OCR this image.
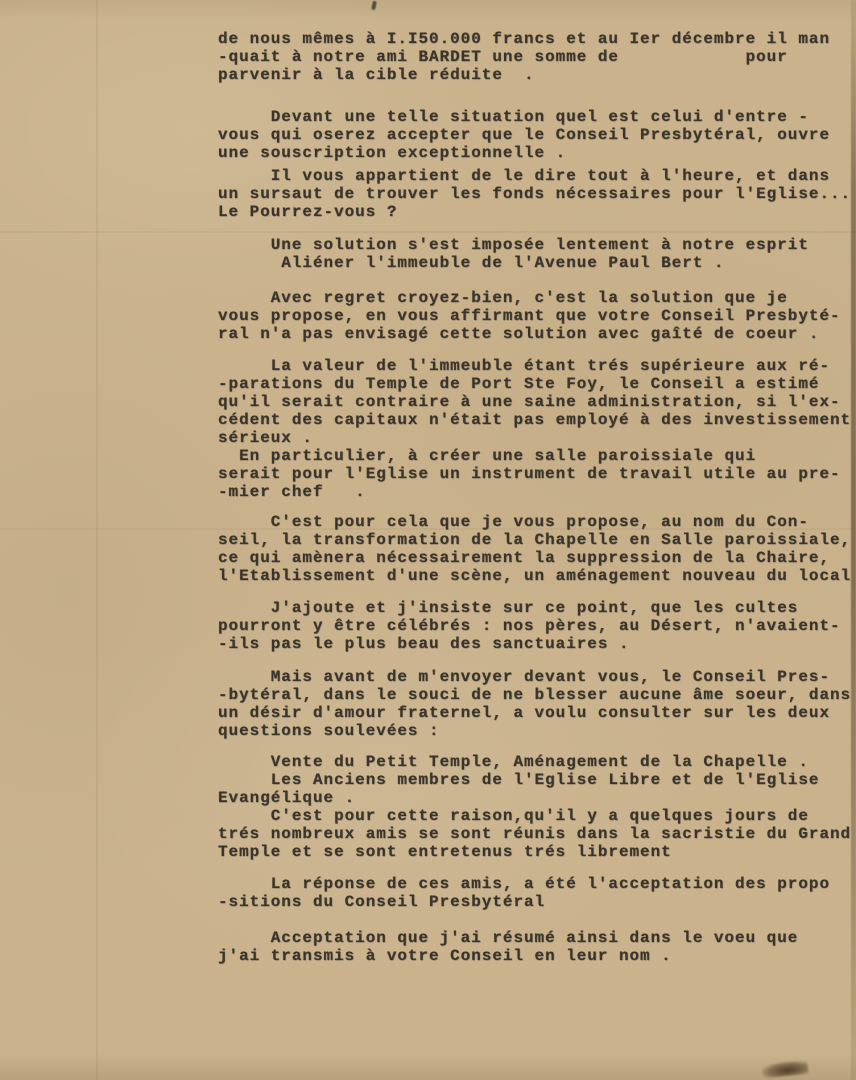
de nous mêmes à I.I50.000 francs et au Ier décembre il man
-quait à notre ami BARDET une somme de            pour
parvenir à la cible réduite  .
Devant une telle situation quel est celui d'entre -
vous qui oserez accepter que le Conseil Presbytéral, ouvre
une souscription exceptionnelle .
Il vous appartient de le dire tout à l'heure, et dans
un sursaut de trouver les fonds nécessaires pour l'Eglise...
Le Pourrez-vous ?
Une solution s'est imposée lentement à notre esprit
Aliéner l'immeuble de l'Avenue Paul Bert .
Avec regret croyez-bien, c'est la solution que je
vous propose, en vous affirmant que votre Conseil Presbyté-
ral n'a pas envisagé cette solution avec gaîté de coeur .
La valeur de l'immeuble étant trés supérieure aux ré-
-parations du Temple de Port Ste Foy, le Conseil a estimé
qu'il serait contraire à une saine administration, si l'ex-
cédent des capitaux n'était pas employé à des investissement
sérieux .
En particulier, à créer une salle paroissiale qui
serait pour l'Eglise un instrument de travail utile au pre-
-mier chef   .
C'est pour cela que je vous propose, au nom du Con-
seil, la transformation de la Chapelle en Salle paroissiale,
ce qui amènera nécessairement la suppression de la Chaire,
l'Etablissement d'une scène, un aménagement nouveau du local
J'ajoute et j'insiste sur ce point, que les cultes
pourront y être célébrés : nos pères, au Désert, n'avaient-
-ils pas le plus beau des sanctuaires .
Mais avant de m'envoyer devant vous, le Conseil Pres-
-bytéral, dans le souci de ne blesser aucune âme soeur, dans
un désir d'amour fraternel, a voulu consulter sur les deux
questions soulevées :
Vente du Petit Temple, Aménagement de la Chapelle .
Les Anciens membres de l'Eglise Libre et de l'Eglise
Evangélique .
C'est pour cette raison,qu'il y a quelques jours de
trés nombreux amis se sont réunis dans la sacristie du Grand
Temple et se sont entretenus trés librement
La réponse de ces amis, a été l'acceptation des propo
-sitions du Conseil Presbytéral
Acceptation que j'ai résumé ainsi dans le voeu que
j'ai transmis à votre Conseil en leur nom .
